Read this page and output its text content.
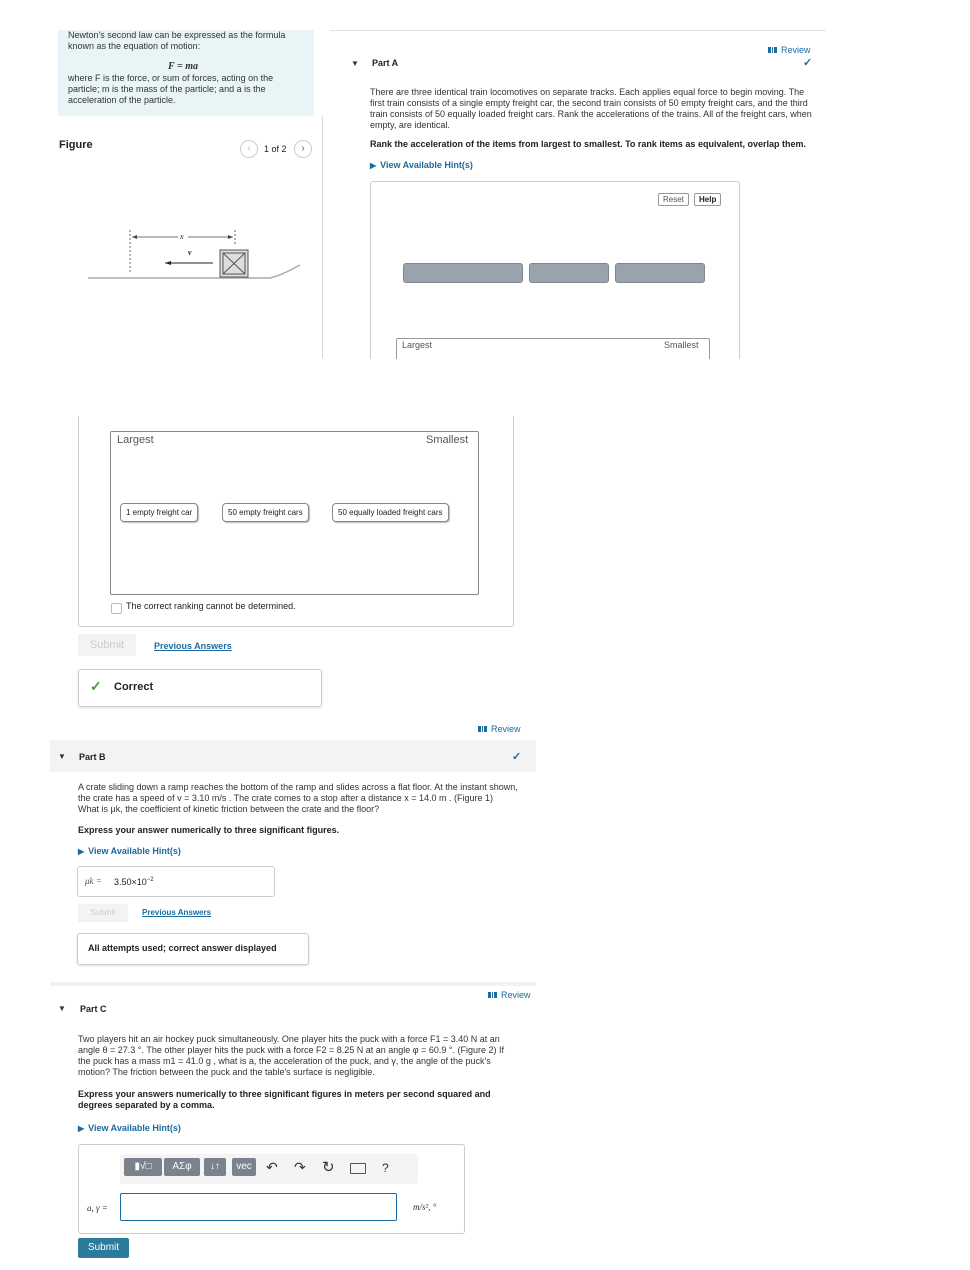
Newton's second law can be expressed as the formula
known as the equation of motion:
F = ma
where F is the force, or sum of forces, acting on the
particle; m is the mass of the particle; and a is the
acceleration of the particle.
Figure	‹	1 of 2	›
x
v
Review
✓
▼ Part A
There are three identical train locomotives on separate tracks. Each applies equal force to begin moving. The
first train consists of a single empty freight car, the second train consists of 50 empty freight cars, and the third
train consists of 50 equally loaded freight cars. Rank the accelerations of the trains. All of the freight cars, when
empty, are identical.
Rank the acceleration of the items from largest to smallest. To rank items as equivalent, overlap them.
▶ View Available Hint(s)
Reset	Help
Largest	Smallest
Largest	Smallest
1 empty freight car	50 empty freight cars	50 equally loaded freight cars
The correct ranking cannot be determined.
Submit	Previous Answers
✓ Correct
Review
▼ Part B	✓
A crate sliding down a ramp reaches the bottom of the ramp and slides across a flat floor. At the instant shown,
the crate has a speed of v = 3.10 m/s . The crate comes to a stop after a distance x = 14.0 m . (Figure 1)
What is μk, the coefficient of kinetic friction between the crate and the floor?
Express your answer numerically to three significant figures.
▶ View Available Hint(s)
$\mu k = 3.50\times 10^{-2}$
Submit	Previous Answers
All attempts used; correct answer displayed
Review
▼ Part C
Two players hit an air hockey puck simultaneously. One player hits the puck with a force F1 = 3.40 N at an
angle θ = 27.3 °. The other player hits the puck with a force F2 = 8.25 N at an angle φ = 60.9 °. (Figure 2) If
the puck has a mass m1 = 41.0 g , what is a, the acceleration of the puck, and γ, the angle of the puck's
motion? The friction between the puck and the table's surface is negligible.
Express your answers numerically to three significant figures in meters per second squared and
degrees separated by a comma.
▶ View Available Hint(s)
▮√□	ΑΣφ	↓↑	vec	↶ ↷ ↻	?
a, γ =	m/s², °
Submit
